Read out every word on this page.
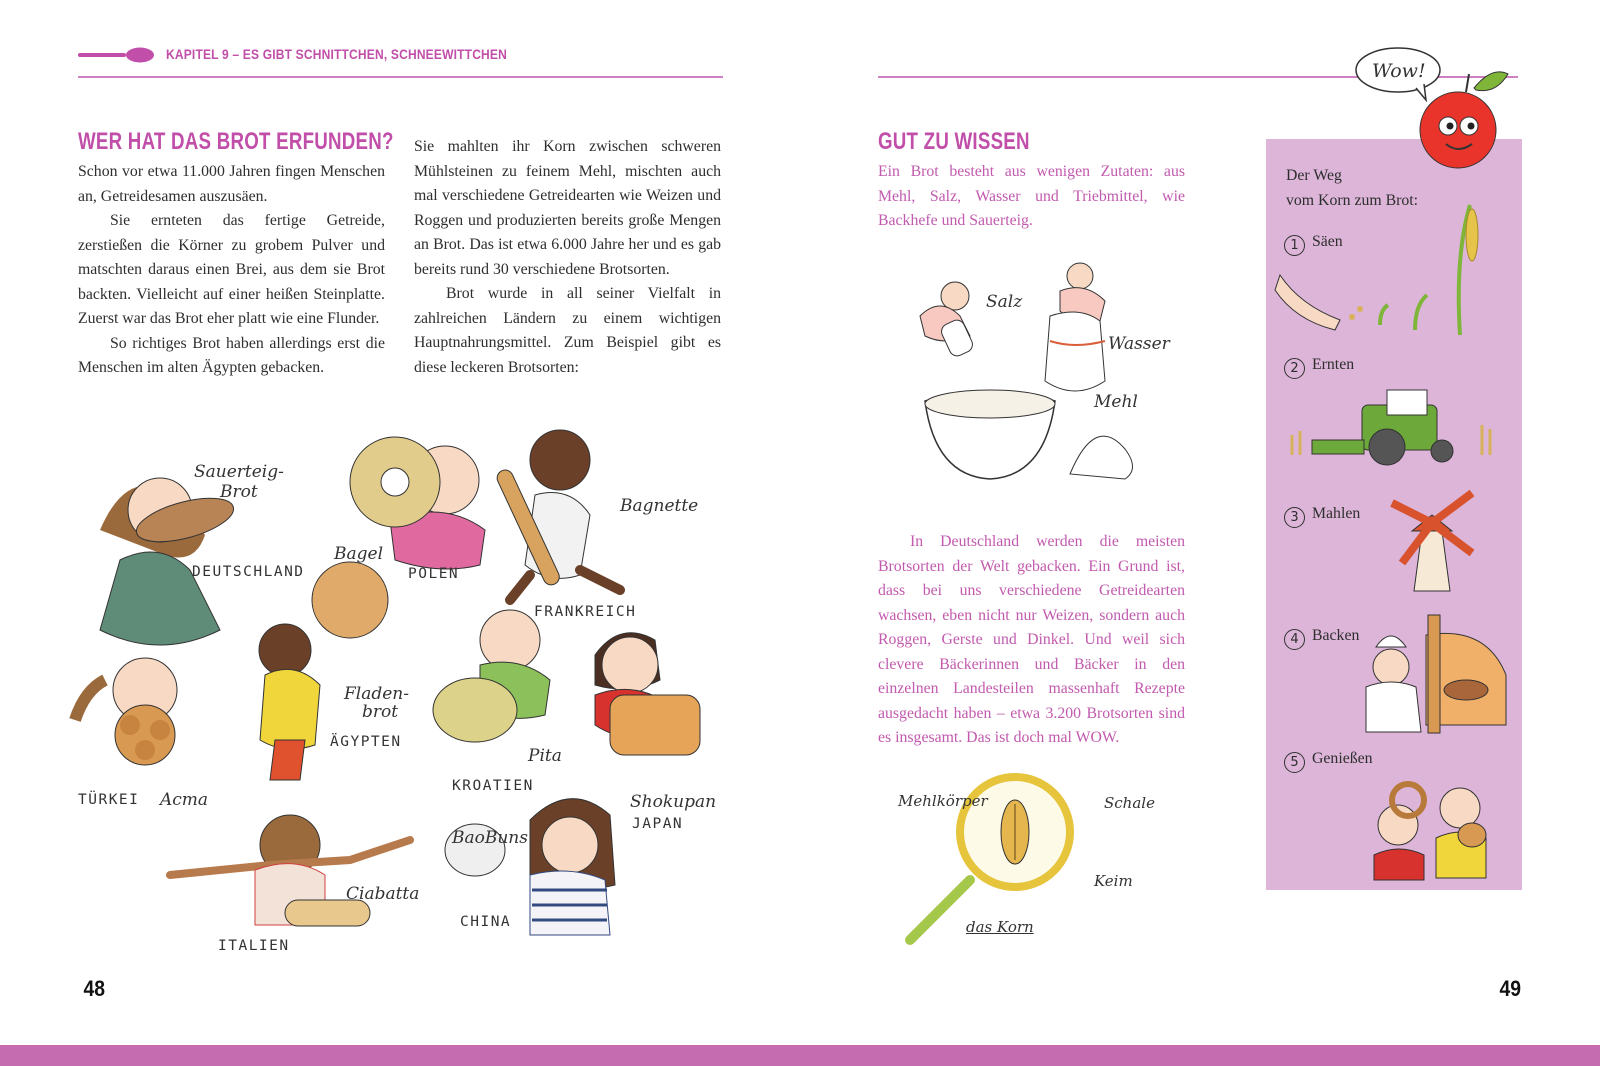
KAPITEL 9 – ES GIBT SCHNITTCHEN, SCHNEEWITTCHEN
WER HAT DAS BROT ERFUNDEN?

Schon vor etwa 11.000 Jahren fingen Menschen an, Getreidesamen auszusäen.

Sie ernteten das fertige Getreide, zerstießen die Körner zu grobem Pulver und matschten daraus einen Brei, aus dem sie Brot backten. Vielleicht auf einer heißen Steinplatte. Zuerst war das Brot eher platt wie eine Flunder.

So richtiges Brot haben allerdings erst die Menschen im alten Ägypten gebacken.

Sie mahlten ihr Korn zwischen schweren Mühlsteinen zu feinem Mehl, mischten auch mal verschiedene Getreidearten wie Weizen und Roggen und produzierten bereits große Mengen an Brot. Das ist etwa 6.000 Jahre her und es gab bereits rund 30 verschiedene Brotsorten.

Brot wurde in all seiner Vielfalt in zahlreichen Ländern zu einem wichtigen Hauptnahrungsmittel. Zum Beispiel gibt es diese leckeren Brotsorten:

Sauerteig-
Brot
DEUTSCHLAND
Bagel
POLEN
Bagnette
FRANKREICH
Fladen-
brot
ÄGYPTEN
TÜRKEI Acma
Pita
KROATIEN
Shokupan
JAPAN
BaoBuns
CHINA
Ciabatta
ITALIEN
48
Wow!
GUT ZU WISSEN
Ein Brot besteht aus wenigen Zutaten: aus Mehl, Salz, Wasser und Triebmittel, wie Backhefe und Sauerteig.
Salz
Wasser
Mehl

In Deutschland werden die meisten Brotsorten der Welt gebacken. Ein Grund ist, dass bei uns verschiedene Getreidearten wachsen, eben nicht nur Weizen, sondern auch Roggen, Gerste und Dinkel. Und weil sich clevere Bäckerinnen und Bäcker in den einzelnen Landesteilen massenhaft Rezepte ausgedacht haben – etwa 3.200 Brotsorten sind es insgesamt. Das ist doch mal WOW.

Mehlkörper	Schale
Keim
das Korn
Der Weg
vom Korn zum Brot:
1 Säen
2 Ernten
3 Mahlen
4 Backen
5 Genießen
49
